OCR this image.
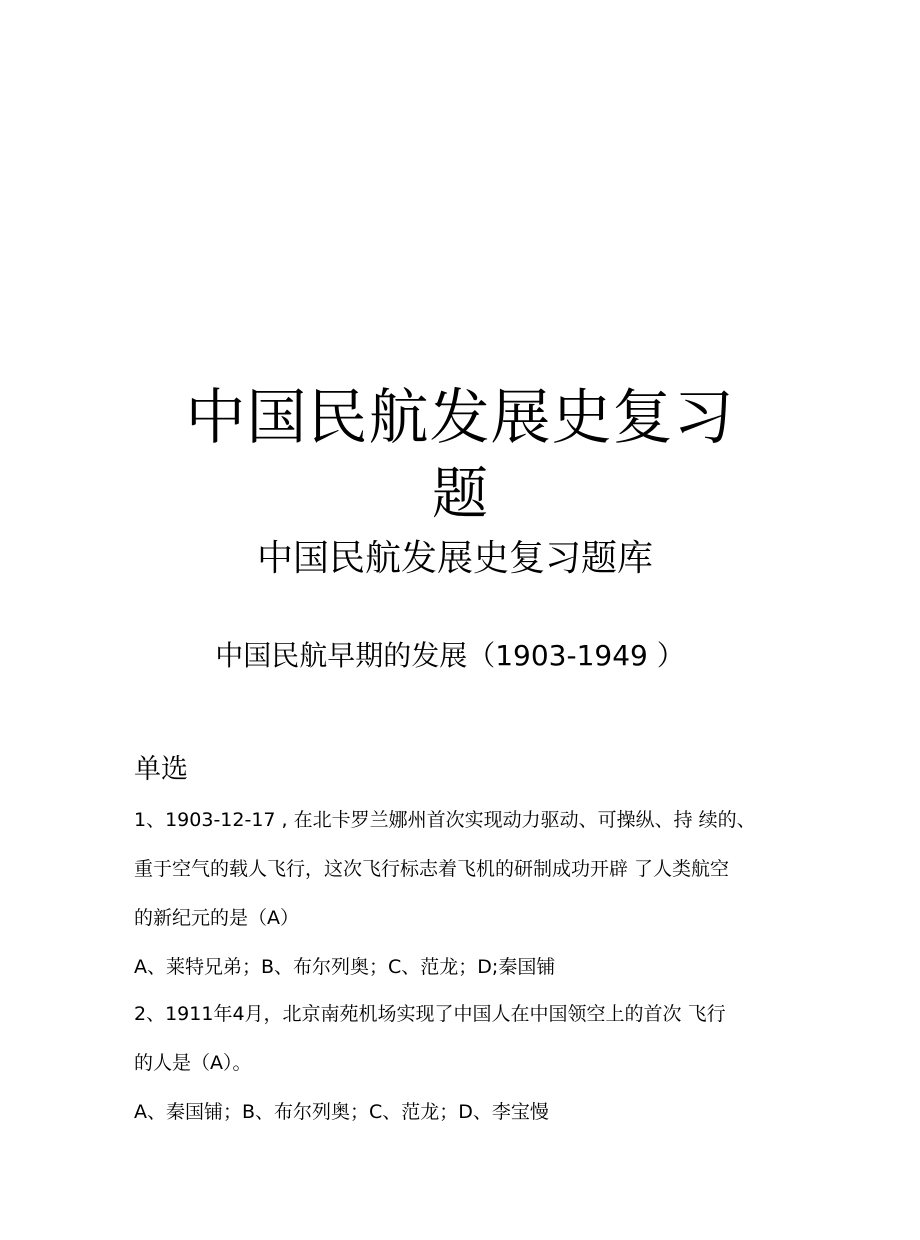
中国民航发展史复习
题
中国民航发展史复习题库
中国民航早期的发展（1903-1949 ）
单选
1、1903-12-17 , 在北卡罗兰娜州首次实现动力驱动、可操纵、持 续的、
重于空气的载人飞行，这次飞行标志着飞机的研制成功开辟 了人类航空
的新纪元的是（A）
A、莱特兄弟；B、布尔列奥；C、范龙；D;秦国铺
2、1911年4月，北京南苑机场实现了中国人在中国领空上的首次 飞行
的人是（A）。
A、秦国铺；B、布尔列奥；C、范龙；D、李宝慢
